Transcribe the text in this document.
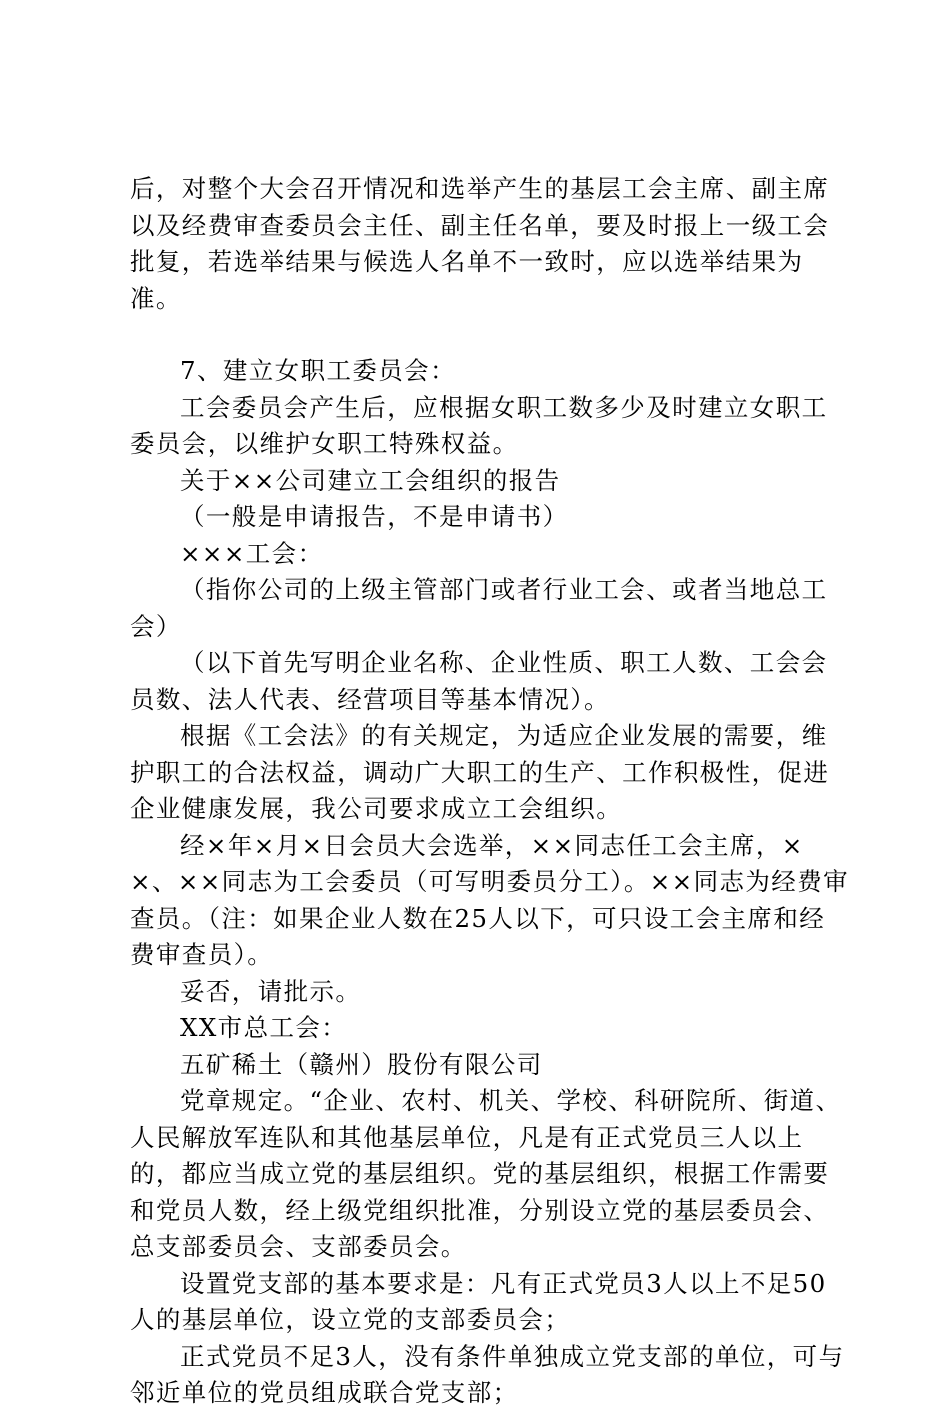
后，对整个大会召开情况和选举产生的基层工会主席、副主席以及经费审查委员会主任、副主任名单，要及时报上一级工会批复，若选举结果与候选人名单不一致时，应以选举结果为准。

7、建立女职工委员会：

工会委员会产生后，应根据女职工数多少及时建立女职工委员会，以维护女职工特殊权益。

关于××公司建立工会组织的报告

（一般是申请报告，不是申请书）

×××工会：

（指你公司的上级主管部门或者行业工会、或者当地总工会）

（以下首先写明企业名称、企业性质、职工人数、工会会员数、法人代表、经营项目等基本情况）。

根据《工会法》的有关规定，为适应企业发展的需要，维护职工的合法权益，调动广大职工的生产、工作积极性，促进企业健康发展，我公司要求成立工会组织。

经×年×月×日会员大会选举，××同志任工会主席，××、××同志为工会委员（可写明委员分工）。××同志为经费审查员。（注：如果企业人数在25人以下，可只设工会主席和经费审查员）。

妥否，请批示。

XX市总工会：

五矿稀土（赣州）股份有限公司

党章规定。“企业、农村、机关、学校、科研院所、街道、人民解放军连队和其他基层单位，凡是有正式党员三人以上的，都应当成立党的基层组织。党的基层组织，根据工作需要和党员人数，经上级党组织批准，分别设立党的基层委员会、总支部委员会、支部委员会。

设置党支部的基本要求是：凡有正式党员3人以上不足50人的基层单位，设立党的支部委员会；

正式党员不足3人，没有条件单独成立党支部的单位，可与邻近单位的党员组成联合党支部；
